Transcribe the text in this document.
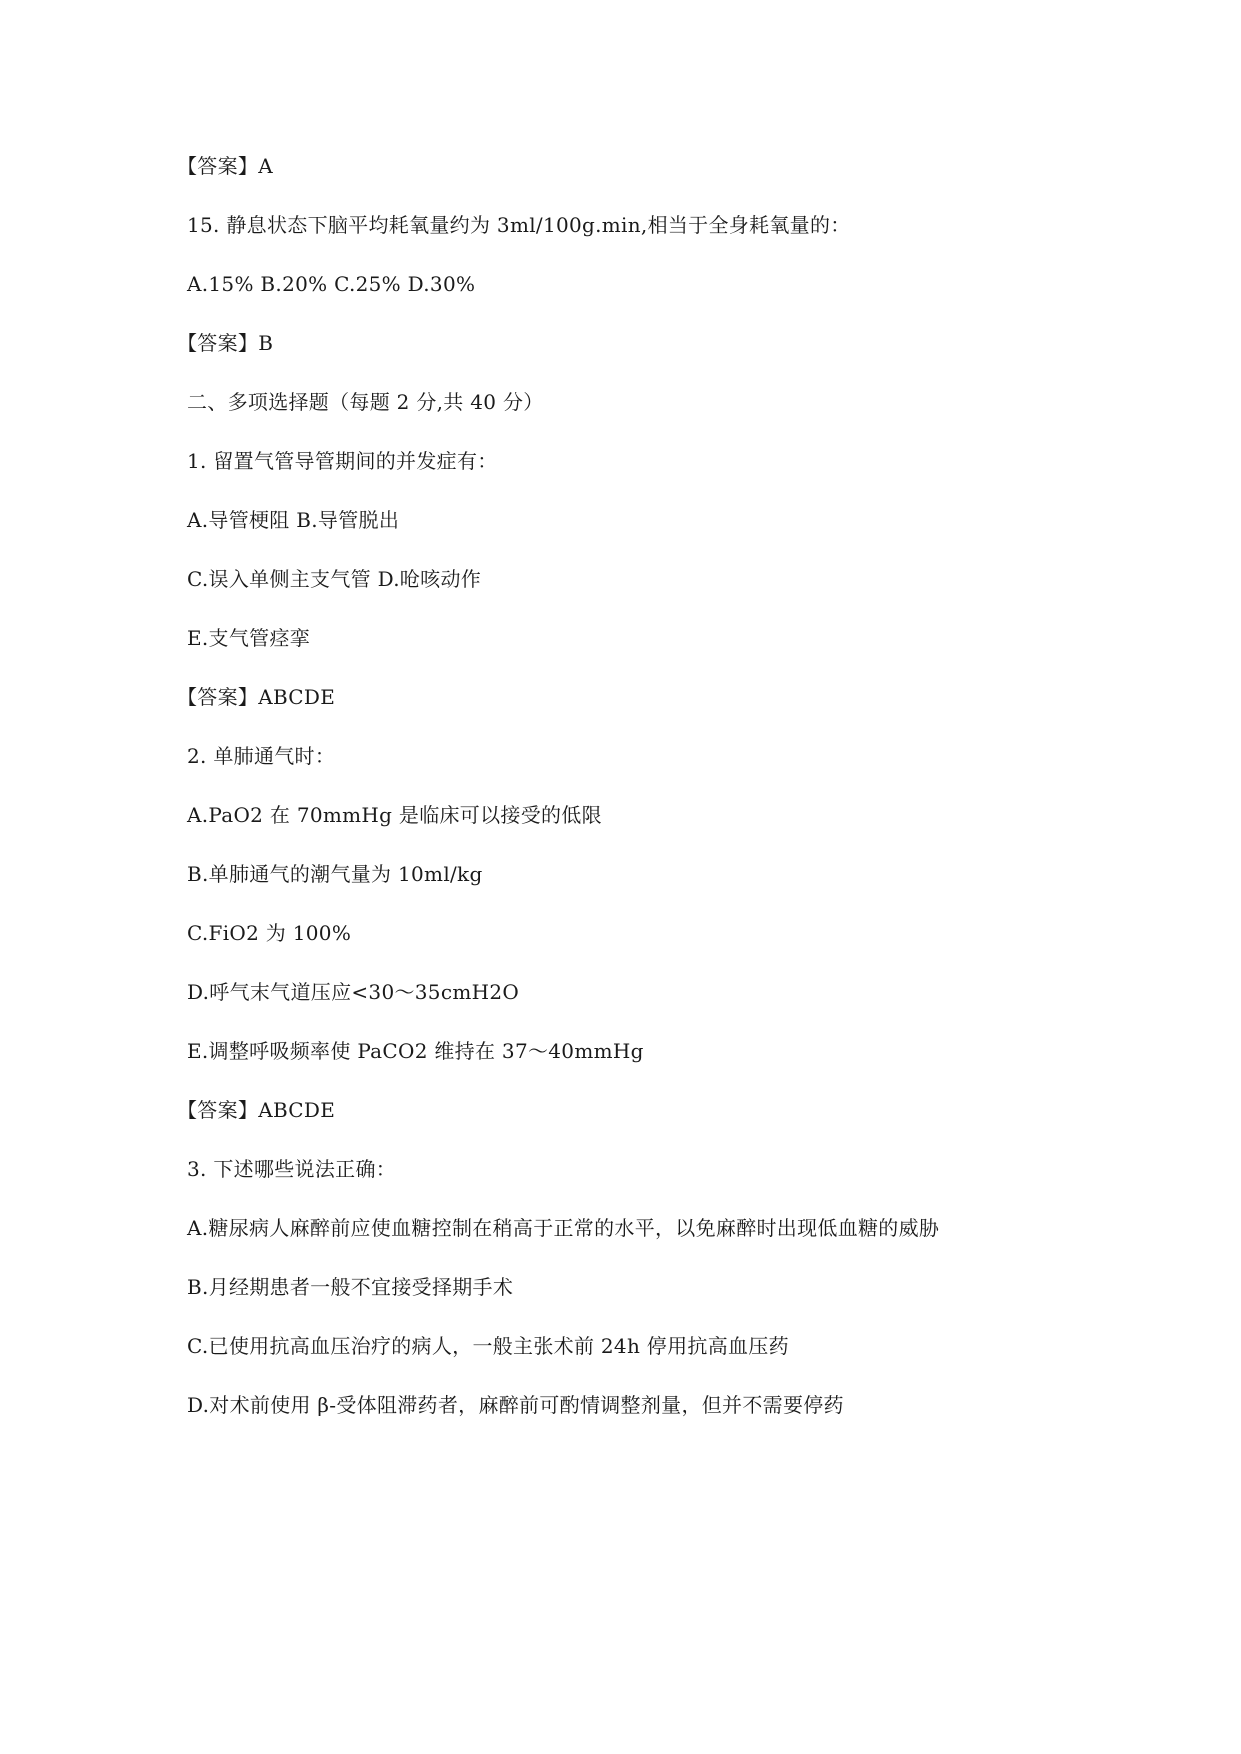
【答案】A
15. 静息状态下脑平均耗氧量约为 3ml/100g.min,相当于全身耗氧量的：
A.15% B.20% C.25% D.30%
【答案】B
二、多项选择题（每题 2 分,共 40 分）
1. 留置气管导管期间的并发症有：
A.导管梗阻 B.导管脱出
C.误入单侧主支气管 D.呛咳动作
E.支气管痉挛
【答案】ABCDE
2. 单肺通气时：
A.PaO2 在 70mmHg 是临床可以接受的低限
B.单肺通气的潮气量为 10ml/kg
C.FiO2 为 100%
D.呼气末气道压应<30～35cmH2O
E.调整呼吸频率使 PaCO2 维持在 37～40mmHg
【答案】ABCDE
3. 下述哪些说法正确：
A.糖尿病人麻醉前应使血糖控制在稍高于正常的水平，以免麻醉时出现低血糖的威胁
B.月经期患者一般不宜接受择期手术
C.已使用抗高血压治疗的病人，一般主张术前 24h 停用抗高血压药
D.对术前使用 β-受体阻滞药者，麻醉前可酌情调整剂量，但并不需要停药
